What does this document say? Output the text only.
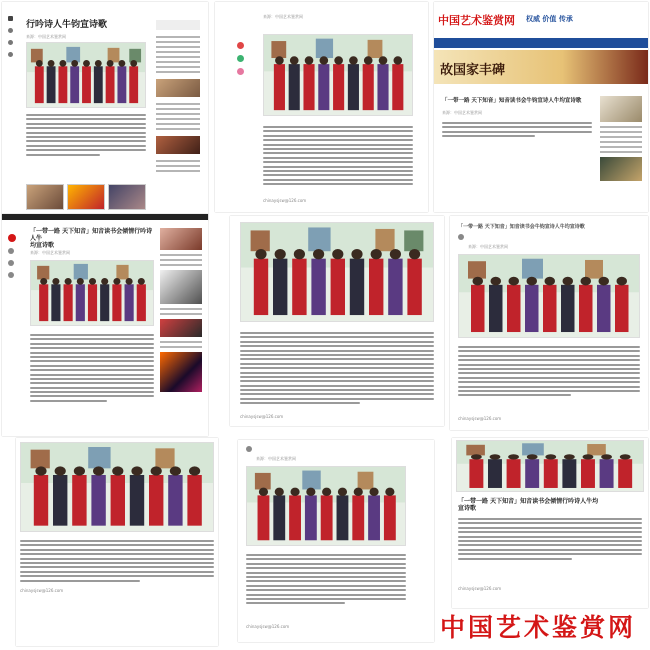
行吟诗人牛钧宣诗歌
来源：中国艺术鉴赏网
来源：中国艺术鉴赏网
chinaysjsw@126.com
中国艺术鉴赏网 权威 价值 传承
故国家丰碑
「一带一路 天下知音」知音读书会牛钧宣诗人牛均宣诗歌
来源：中国艺术鉴赏网
「一带一路 天下知音」知音读书会倾情行吟诗人牛
均宣诗歌
来源：中国艺术鉴赏网
chinaysjsw@126.com
「一带一路 天下知音」知音读书会牛钧宣诗人牛均宣诗歌
来源：中国艺术鉴赏网
chinaysjsw@126.com
chinaysjsw@126.com
来源：中国艺术鉴赏网
chinaysjsw@126.com
「一带一路 天下知音」知音读书会倾情行吟诗人牛均
宣诗歌
chinaysjsw@126.com
中国艺术鉴赏网
